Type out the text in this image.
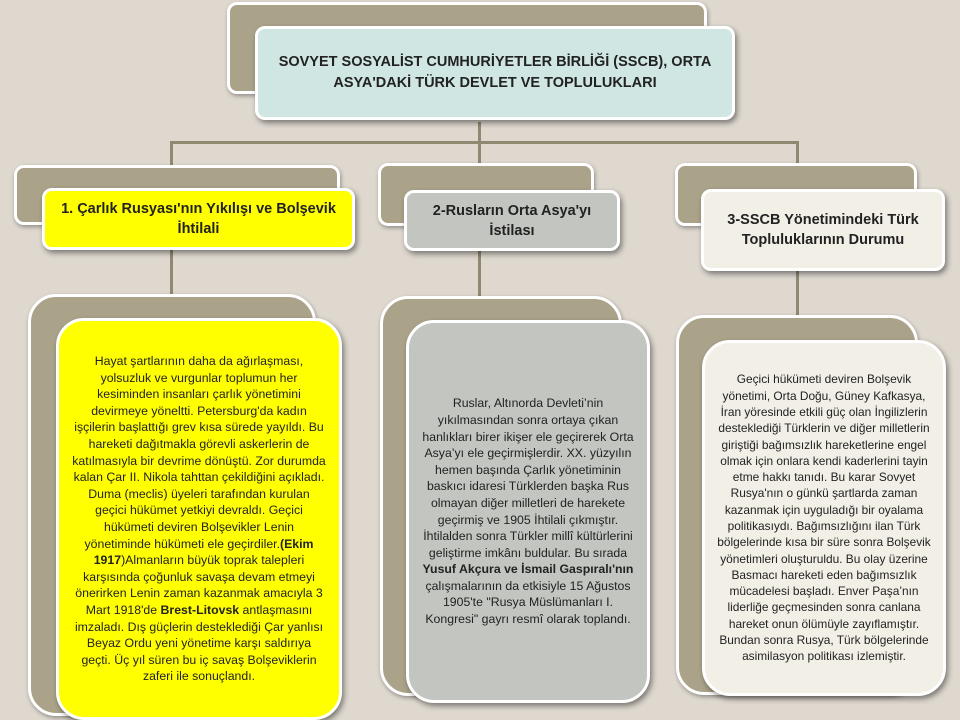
SOVYET SOSYALİST CUMHURİYETLER BİRLİĞİ (SSCB), ORTA ASYA'DAKİ TÜRK DEVLET VE TOPLULUKLARI
1. Çarlık Rusyası'nın Yıkılışı ve Bolşevik İhtilali
2-Rusların Orta Asya'yı İstilası
3-SSCB Yönetimindeki Türk Topluluklarının Durumu
Hayat şartlarının daha da ağırlaşması, yolsuzluk ve vurgunlar toplumun her kesiminden insanları çarlık yönetimini devirmeye yöneltti. Petersburg'da kadın işçilerin başlattığı grev kısa sürede yayıldı. Bu hareketi dağıtmakla görevli askerlerin de katılmasıyla bir devrime dönüştü. Zor durumda kalan Çar II. Nikola tahttan çekildiğini açıkladı. Duma (meclis) üyeleri tarafından kurulan geçici hükümet yetkiyi devraldı. Geçici hükümeti deviren Bolşevikler Lenin yönetiminde hükümeti ele geçirdiler.(Ekim 1917)Almanların büyük toprak talepleri karşısında çoğunluk savaşa devam etmeyi önerirken Lenin zaman kazanmak amacıyla 3 Mart 1918'de Brest-Litovsk antlaşmasını imzaladı. Dış güçlerin desteklediği Çar yanlısı Beyaz Ordu yeni yönetime karşı saldırıya geçti. Üç yıl süren bu iç savaş Bolşeviklerin zaferi ile sonuçlandı.
Ruslar, Altınorda Devleti’nin yıkılmasından sonra ortaya çıkan hanlıkları birer ikişer ele geçirerek Orta Asya’yı ele geçirmişlerdir. XX. yüzyılın hemen başında Çarlık yönetiminin baskıcı idaresi Türklerden başka Rus olmayan diğer milletleri de harekete geçirmiş ve 1905 İhtilali çıkmıştır. İhtilalden sonra Türkler millî kültürlerini geliştirme imkânı buldular. Bu sırada Yusuf Akçura ve İsmail Gaspıralı'nın çalışmalarının da etkisiyle 15 Ağustos 1905'te "Rusya Müslümanları I. Kongresi" gayrı resmî olarak toplandı.
Geçici hükümeti deviren Bolşevik yönetimi, Orta Doğu, Güney Kafkasya, İran yöresinde etkili güç olan İngilizlerin desteklediği Türklerin ve diğer milletlerin giriştiği bağımsızlık hareketlerine engel olmak için onlara kendi kaderlerini tayin etme hakkı tanıdı. Bu karar Sovyet Rusya'nın o günkü şartlarda zaman kazanmak için uyguladığı bir oyalama politikasıydı. Bağımsızlığını ilan Türk bölgelerinde kısa bir süre sonra Bolşevik yönetimleri oluşturuldu. Bu olay üzerine Basmacı hareketi eden bağımsızlık mücadelesi başladı. Enver Paşa’nın liderliğe geçmesinden sonra canlana hareket onun ölümüyle zayıflamıştır. Bundan sonra Rusya, Türk bölgelerinde asimilasyon politikası izlemiştir.
